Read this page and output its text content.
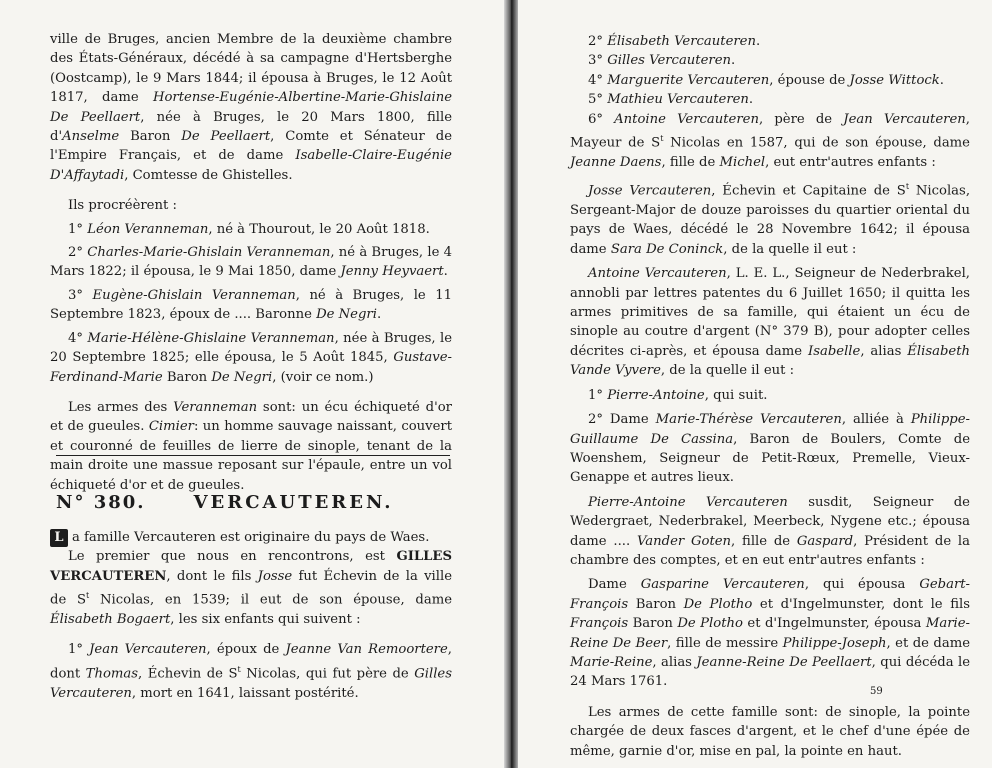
ville de Bruges, ancien Membre de la deuxième chambre des États-Généraux, décédé à sa campagne d'Hertsberghe (Oostcamp), le 9 Mars 1844; il épousa à Bruges, le 12 Août 1817, dame Hortense-Eugénie-Albertine-Marie-Ghislaine De Peellaert, née à Bruges, le 20 Mars 1800, fille d'Anselme Baron De Peellaert, Comte et Sénateur de l'Empire Français, et de dame Isabelle-Claire-Eugénie D'Affaytadi, Comtesse de Ghistelles.

Ils procréèrent :

1° Léon Veranneman, né à Thourout, le 20 Août 1818.

2° Charles-Marie-Ghislain Veranneman, né à Bruges, le 4 Mars 1822; il épousa, le 9 Mai 1850, dame Jenny Heyvaert.

3° Eugène-Ghislain Veranneman, né à Bruges, le 11 Septembre 1823, époux de .... Baronne De Negri.

4° Marie-Hélène-Ghislaine Veranneman, née à Bruges, le 20 Septembre 1825; elle épousa, le 5 Août 1845, Gustave-Ferdinand-Marie Baron De Negri, (voir ce nom.)

Les armes des Veranneman sont: un écu échiqueté d'or et de gueules. Cimier: un homme sauvage naissant, couvert et couronné de feuilles de lierre de sinople, tenant de la main droite une massue reposant sur l'épaule, entre un vol échiqueté d'or et de gueules.

N° 380.	VERCAUTEREN.

L a famille Vercauteren est originaire du pays de Waes.

Le premier que nous en rencontrons, est GILLES VERCAUTEREN, dont le fils Josse fut Échevin de la ville de $S^t$ Nicolas, en 1539; il eut de son épouse, dame Élisabeth Bogaert, les six enfants qui suivent :

1° Jean Vercauteren, époux de Jeanne Van Remoortere, dont Thomas, Échevin de $S^t$ Nicolas, qui fut père de Gilles Vercauteren, mort en 1641, laissant postérité.

2° Élisabeth Vercauteren.

3° Gilles Vercauteren.

4° Marguerite Vercauteren, épouse de Josse Wittock.

5° Mathieu Vercauteren.

6° Antoine Vercauteren, père de Jean Vercauteren, Mayeur de $S^t$ Nicolas en 1587, qui de son épouse, dame Jeanne Daens, fille de Michel, eut entr'autres enfants :

Josse Vercauteren, Échevin et Capitaine de $S^t$ Nicolas, Sergeant-Major de douze paroisses du quartier oriental du pays de Waes, décédé le 28 Novembre 1642; il épousa dame Sara De Coninck, de la quelle il eut :

Antoine Vercauteren, L. E. L., Seigneur de Nederbrakel, annobli par lettres patentes du 6 Juillet 1650; il quitta les armes primitives de sa famille, qui étaient un écu de sinople au coutre d'argent (N° 379 B), pour adopter celles décrites ci-après, et épousa dame Isabelle, alias Élisabeth Vande Vyvere, de la quelle il eut :

1° Pierre-Antoine, qui suit.

2° Dame Marie-Thérèse Vercauteren, alliée à Philippe-Guillaume De Cassina, Baron de Boulers, Comte de Woenshem, Seigneur de Petit-Rœux, Premelle, Vieux-Genappe et autres lieux.

Pierre-Antoine Vercauteren susdit, Seigneur de Wedergraet, Nederbrakel, Meerbeck, Nygene etc.; épousa dame .... Vander Goten, fille de Gaspard, Président de la chambre des comptes, et en eut entr'autres enfants :

Dame Gasparine Vercauteren, qui épousa Gebart-François Baron De Plotho et d'Ingelmunster, dont le fils François Baron De Plotho et d'Ingelmunster, épousa Marie-Reine De Beer, fille de messire Philippe-Joseph, et de dame Marie-Reine, alias Jeanne-Reine De Peellaert, qui décéda le 24 Mars 1761.

Les armes de cette famille sont: de sinople, la pointe chargée de deux fasces d'argent, et le chef d'une épée de même, garnie d'or, mise en pal, la pointe en haut.

59
